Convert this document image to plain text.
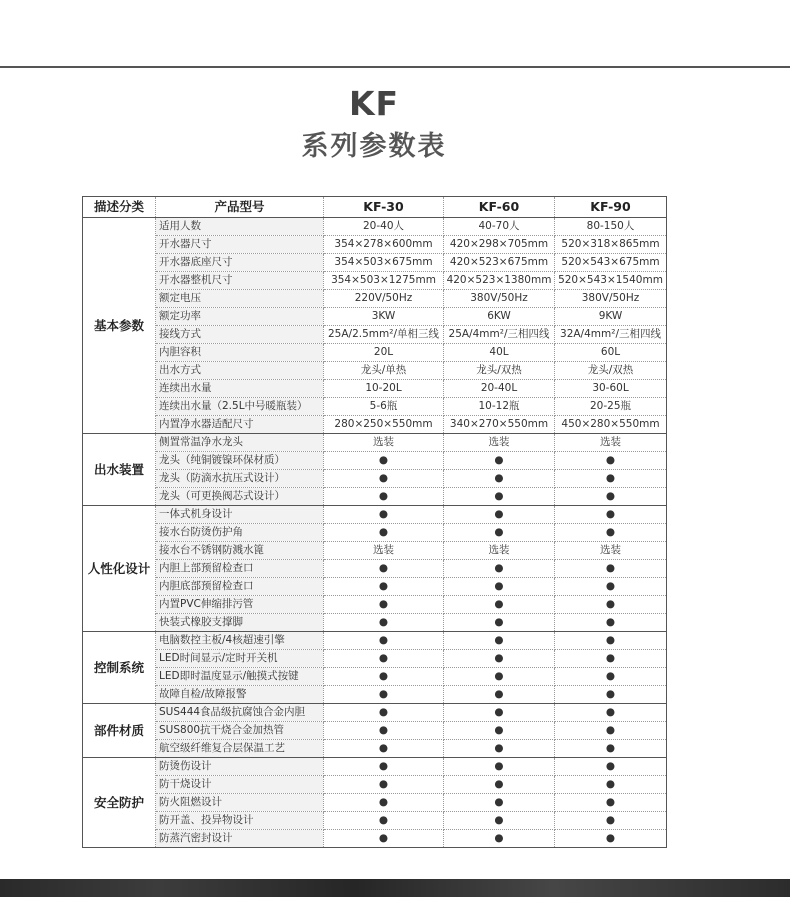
KF
系列参数表
描述分类	产品型号	KF-30	KF-60	KF-90
基本参数	适用人数	20-40人	40-70人	80-150人
	开水器尺寸	354×278×600mm	420×298×705mm	520×318×865mm
	开水器底座尺寸	354×503×675mm	420×523×675mm	520×543×675mm
	开水器整机尺寸	354×503×1275mm	420×523×1380mm	520×543×1540mm
	额定电压	220V/50Hz	380V/50Hz	380V/50Hz
	额定功率	3KW	6KW	9KW
	接线方式	25A/2.5mm²/单相三线	25A/4mm²/三相四线	32A/4mm²/三相四线
	内胆容积	20L	40L	60L
	出水方式	龙头/单热	龙头/双热	龙头/双热
	连续出水量	10-20L	20-40L	30-60L
	连续出水量（2.5L中号暖瓶装）	5-6瓶	10-12瓶	20-25瓶
	内置净水器适配尺寸	280×250×550mm	340×270×550mm	450×280×550mm
出水装置	侧置常温净水龙头	选装	选装	选装
	龙头（纯铜镀镍环保材质）	●	●	●
	龙头（防滴水抗压式设计）	●	●	●
	龙头（可更换阀芯式设计）	●	●	●
人性化设计	一体式机身设计	●	●	●
	接水台防烫伤护角	●	●	●
	接水台不锈钢防溅水篦	选装	选装	选装
	内胆上部预留检查口	●	●	●
	内胆底部预留检查口	●	●	●
	内置PVC伸缩排污管	●	●	●
	快装式橡胶支撑脚	●	●	●
控制系统	电脑数控主板/4核超速引擎	●	●	●
	LED时间显示/定时开关机	●	●	●
	LED即时温度显示/触摸式按键	●	●	●
	故障自检/故障报警	●	●	●
部件材质	SUS444食品级抗腐蚀合金内胆	●	●	●
	SUS800抗干烧合金加热管	●	●	●
	航空级纤维复合层保温工艺	●	●	●
安全防护	防烫伤设计	●	●	●
	防干烧设计	●	●	●
	防火阻燃设计	●	●	●
	防开盖、投异物设计	●	●	●
	防蒸汽密封设计	●	●	●
